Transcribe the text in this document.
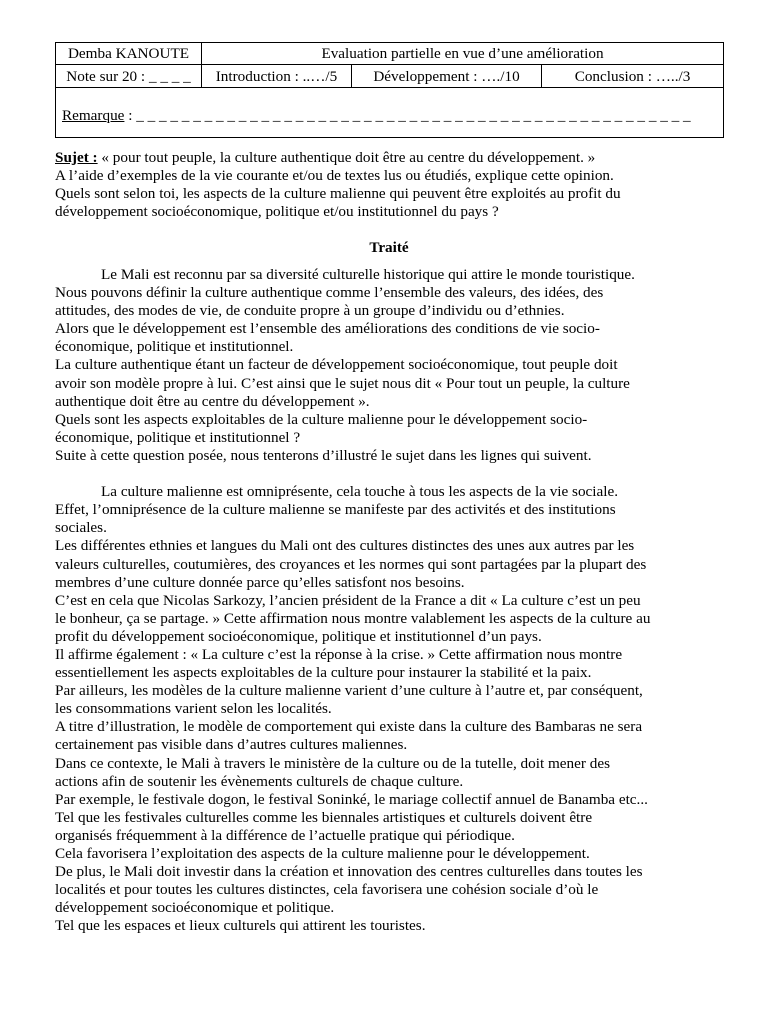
Demba KANOUTE	Evaluation partielle en vue d’une amélioration		
Note sur 20 : _ _ _ _	Introduction : ..…/5	Développement : …./10	Conclusion : …../3
Remarque : _ _ _ _ _ _ _ _ _ _ _ _ _ _ _ _ _ _ _ _ _ _ _ _ _ _ _ _ _ _ _ _ _ _ _ _ _ _ _ _ _ _ _ _ _ _ _ _ _			

Sujet : « pour tout peuple, la culture authentique doit être au centre du développement. »

A l’aide d’exemples de la vie courante et/ou de textes lus ou étudiés, explique cette opinion.

Quels sont selon toi, les aspects de la culture malienne qui peuvent être exploités au profit du

développement socioéconomique, politique et/ou institutionnel du pays ?

Traité
Le Mali est reconnu par sa diversité culturelle historique qui attire le monde touristique.
Nous pouvons définir la culture authentique comme l’ensemble des valeurs, des idées, des
attitudes, des modes de vie, de conduite propre à un groupe d’individu ou d’ethnies.
Alors que le développement est l’ensemble des améliorations des conditions de vie socio-
économique, politique et institutionnel.
La culture authentique étant un facteur de développement socioéconomique, tout peuple doit
avoir son modèle propre à lui. C’est ainsi que le sujet nous dit « Pour tout un peuple, la culture
authentique doit être au centre du développement ».
Quels sont les aspects exploitables de la culture malienne pour le développement socio-
économique, politique et institutionnel ?
Suite à cette question posée, nous tenterons d’illustré le sujet dans les lignes qui suivent.
La culture malienne est omniprésente, cela touche à tous les aspects de la vie sociale.
Effet, l’omniprésence de la culture malienne se manifeste par des activités et des institutions
sociales.
Les différentes ethnies et langues du Mali ont des cultures distinctes des unes aux autres par les
valeurs culturelles, coutumières, des croyances et les normes qui sont partagées par la plupart des
membres d’une culture donnée parce qu’elles satisfont nos besoins.
C’est en cela que Nicolas Sarkozy, l’ancien président de la France a dit « La culture c’est un peu
le bonheur, ça se partage. » Cette affirmation nous montre valablement les aspects de la culture au
profit du développement socioéconomique, politique et institutionnel d’un pays.
Il affirme également : « La culture c’est la réponse à la crise. » Cette affirmation nous montre
essentiellement les aspects exploitables de la culture pour instaurer la stabilité et la paix.
Par ailleurs, les modèles de la culture malienne varient d’une culture à l’autre et, par conséquent,
les consommations varient selon les localités.
A titre d’illustration, le modèle de comportement qui existe dans la culture des Bambaras ne sera
certainement pas visible dans d’autres cultures maliennes.
Dans ce contexte, le Mali à travers le ministère de la culture ou de la tutelle, doit mener des
actions afin de soutenir les évènements culturels de chaque culture.
Par exemple, le festivale dogon, le festival Soninké, le mariage collectif annuel de Banamba etc...
Tel que les festivales culturelles comme les biennales artistiques et culturels doivent être
organisés fréquemment à la différence de l’actuelle pratique qui périodique.
Cela favorisera l’exploitation des aspects de la culture malienne pour le développement.
De plus, le Mali doit investir dans la création et innovation des centres culturelles dans toutes les
localités et pour toutes les cultures distinctes, cela favorisera une cohésion sociale d’où le
développement socioéconomique et politique.
Tel que les espaces et lieux culturels qui attirent les touristes.
